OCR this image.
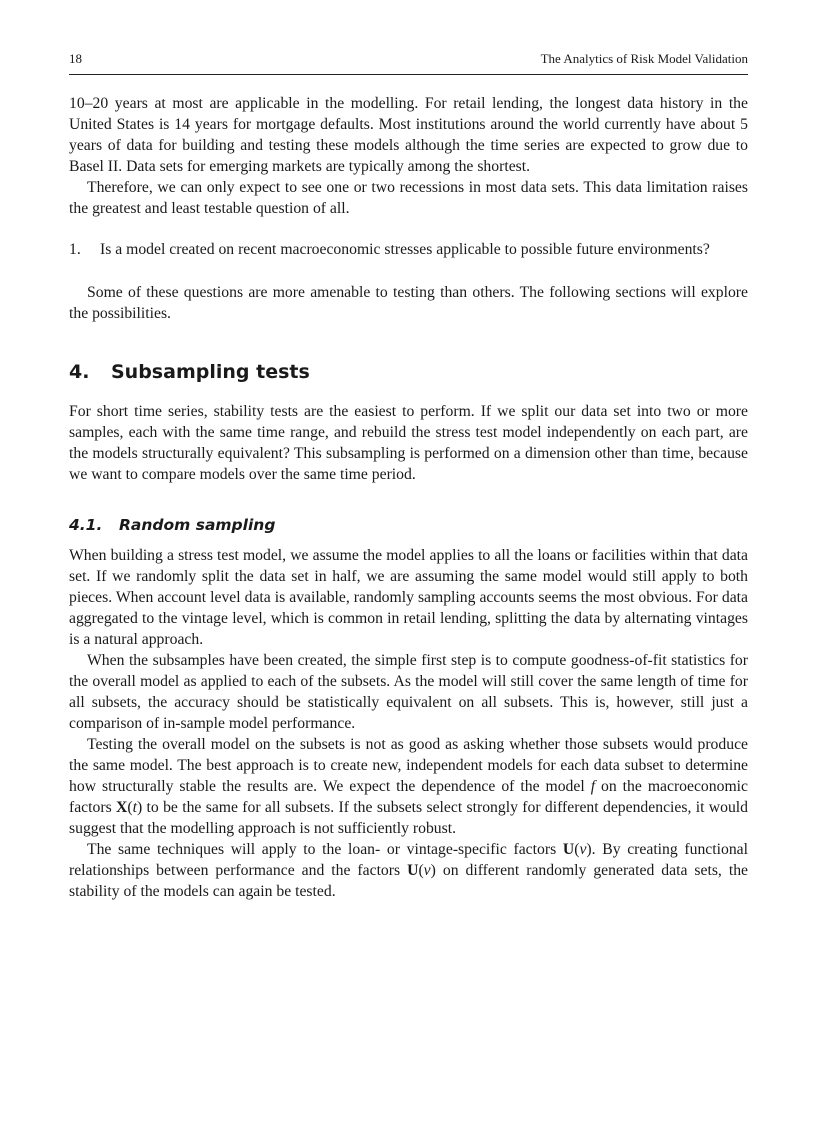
18	The Analytics of Risk Model Validation

10–20 years at most are applicable in the modelling. For retail lending, the longest data history in the United States is 14 years for mortgage defaults. Most institutions around the world currently have about 5 years of data for building and testing these models although the time series are expected to grow due to Basel II. Data sets for emerging markets are typically among the shortest.

Therefore, we can only expect to see one or two recessions in most data sets. This data limitation raises the greatest and least testable question of all.

1.	Is a model created on recent macroeconomic stresses applicable to possible future environments?

Some of these questions are more amenable to testing than others. The following sections will explore the possibilities.

4. Subsampling tests

For short time series, stability tests are the easiest to perform. If we split our data set into two or more samples, each with the same time range, and rebuild the stress test model independently on each part, are the models structurally equivalent? This subsampling is performed on a dimension other than time, because we want to compare models over the same time period.

4.1. Random sampling

When building a stress test model, we assume the model applies to all the loans or facilities within that data set. If we randomly split the data set in half, we are assuming the same model would still apply to both pieces. When account level data is available, randomly sampling accounts seems the most obvious. For data aggregated to the vintage level, which is common in retail lending, splitting the data by alternating vintages is a natural approach.

When the subsamples have been created, the simple first step is to compute goodness-of-fit statistics for the overall model as applied to each of the subsets. As the model will still cover the same length of time for all subsets, the accuracy should be statistically equivalent on all subsets. This is, however, still just a comparison of in-sample model performance.

Testing the overall model on the subsets is not as good as asking whether those subsets would produce the same model. The best approach is to create new, independent models for each data subset to determine how structurally stable the results are. We expect the dependence of the model f on the macroeconomic factors X(t) to be the same for all subsets. If the subsets select strongly for different dependencies, it would suggest that the modelling approach is not sufficiently robust.

The same techniques will apply to the loan- or vintage-specific factors U(v). By creating functional relationships between performance and the factors U(v) on different randomly generated data sets, the stability of the models can again be tested.
